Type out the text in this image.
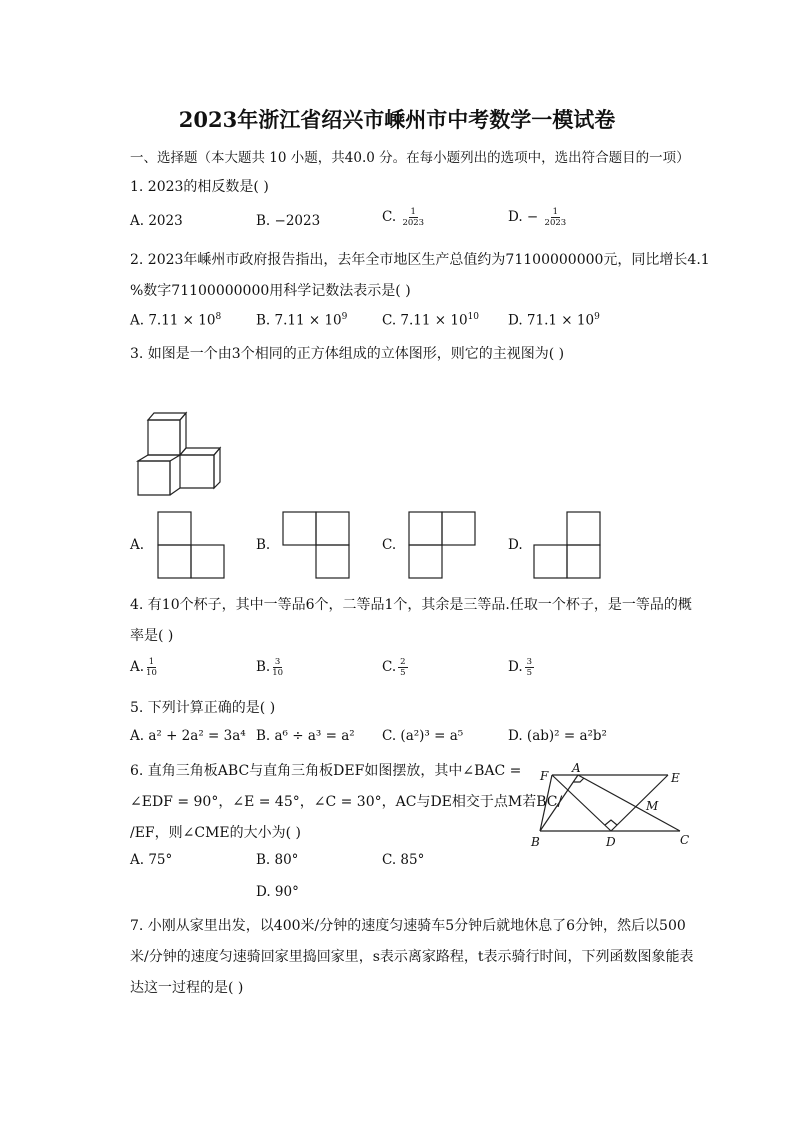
2023年浙江省绍兴市嵊州市中考数学一模试卷
一、选择题（本大题共 10 小题，共40.0 分。在每小题列出的选项中，选出符合题目的一项）
1. 2023的相反数是( )
A. 2023	B. −2023	C. $\frac{1}{2023}$	D. − $\frac{1}{2023}$
2. 2023年嵊州市政府报告指出，去年全市地区生产总值约为71100000000元，同比增长4.1
%数字71100000000用科学记数法表示是( )
A. $7.11 \times 10^8$	B. $7.11 \times 10^9$	C. $7.11 \times 10^{10}$ D. $71.1 \times 10^9$
3. 如图是一个由3个相同的正方体组成的立体图形，则它的主视图为( )
A.	B.	C.	D.
4. 有10个杯子，其中一等品6个，二等品1个，其余是三等品.任取一个杯子，是一等品的概
率是( )
A. $\frac{1}{10}$	B. $\frac{3}{10}$	C. $\frac{2}{5}$	D. $\frac{3}{5}$
5. 下列计算正确的是( )
A. a² + 2a² = 3a⁴ B. a⁶ ÷ a³ = a² C. (a²)³ = a⁵	D. (ab)² = a²b²
6. 直角三角板ABC与直角三角板DEF如图摆放，其中∠BAC =
∠EDF = 90°，∠E = 45°，∠C = 30°，AC与DE相交于点M若BC/
/EF，则∠CME的大小为( )
A. 75°	B. 80°	C. 85°
D. 90°
F
A
E
M
B	D	C
7. 小刚从家里出发，以400米/分钟的速度匀速骑车5分钟后就地休息了6分钟，然后以500
米/分钟的速度匀速骑回家里捣回家里，s表示离家路程，t表示骑行时间，下列函数图象能表
达这一过程的是( )
